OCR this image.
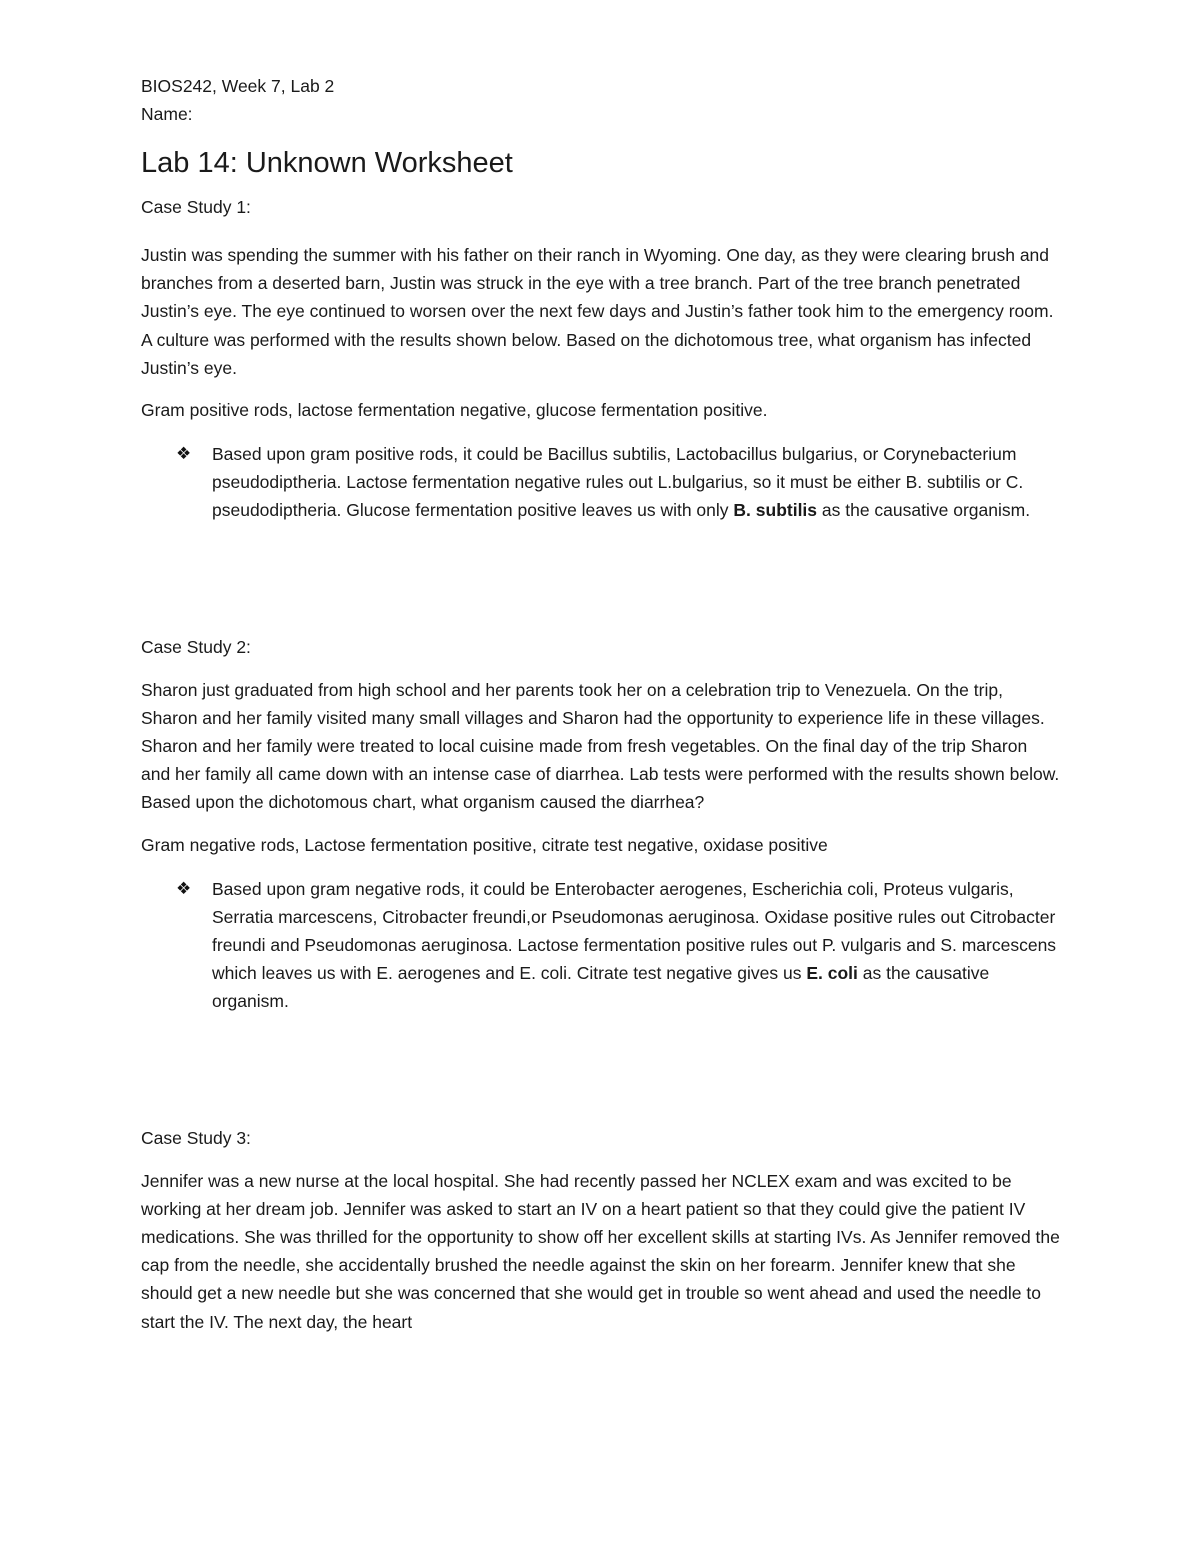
BIOS242, Week 7, Lab 2

Name:

Lab 14: Unknown Worksheet

Case Study 1:

Justin was spending the summer with his father on their ranch in Wyoming. One day, as they were clearing brush and branches from a deserted barn, Justin was struck in the eye with a tree branch. Part of the tree branch penetrated Justin’s eye. The eye continued to worsen over the next few days and Justin’s father took him to the emergency room. A culture was performed with the results shown below. Based on the dichotomous tree, what organism has infected Justin’s eye.

Gram positive rods, lactose fermentation negative, glucose fermentation positive.

❖ Based upon gram positive rods, it could be Bacillus subtilis, Lactobacillus bulgarius, or Corynebacterium pseudodiptheria. Lactose fermentation negative rules out L.bulgarius, so it must be either B. subtilis or C. pseudodiptheria. Glucose fermentation positive leaves us with only B. subtilis as the causative organism.

Case Study 2:

Sharon just graduated from high school and her parents took her on a celebration trip to Venezuela. On the trip, Sharon and her family visited many small villages and Sharon had the opportunity to experience life in these villages. Sharon and her family were treated to local cuisine made from fresh vegetables. On the final day of the trip Sharon and her family all came down with an intense case of diarrhea. Lab tests were performed with the results shown below. Based upon the dichotomous chart, what organism caused the diarrhea?

Gram negative rods, Lactose fermentation positive, citrate test negative, oxidase positive

❖ Based upon gram negative rods, it could be Enterobacter aerogenes, Escherichia coli, Proteus vulgaris, Serratia marcescens, Citrobacter freundi,or Pseudomonas aeruginosa. Oxidase positive rules out Citrobacter freundi and Pseudomonas aeruginosa. Lactose fermentation positive rules out P. vulgaris and S. marcescens which leaves us with E. aerogenes and E. coli. Citrate test negative gives us E. coli as the causative organism.

Case Study 3:

Jennifer was a new nurse at the local hospital. She had recently passed her NCLEX exam and was excited to be working at her dream job. Jennifer was asked to start an IV on a heart patient so that they could give the patient IV medications. She was thrilled for the opportunity to show off her excellent skills at starting IVs. As Jennifer removed the cap from the needle, she accidentally brushed the needle against the skin on her forearm. Jennifer knew that she should get a new needle but she was concerned that she would get in trouble so went ahead and used the needle to start the IV. The next day, the heart
